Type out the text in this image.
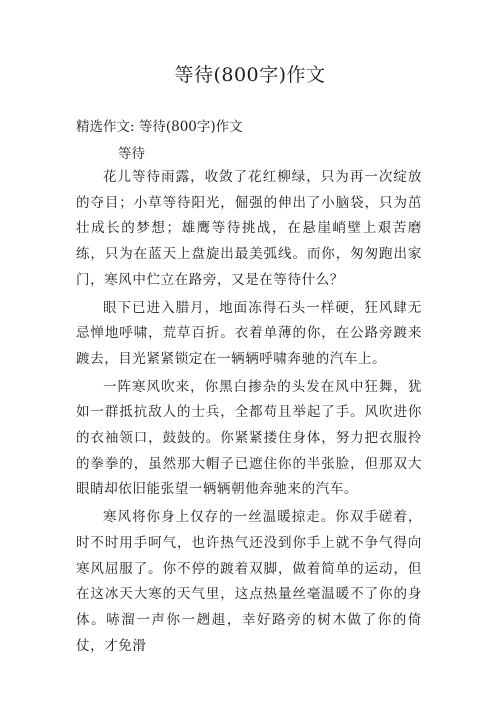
等待(800字)作文
精选作文: 等待(800字)作文
等待

花儿等待雨露，收敛了花红柳绿，只为再一次绽放的夺目；小草等待阳光，倔强的伸出了小脑袋，只为茁壮成长的梦想；雄鹰等待挑战，在悬崖峭壁上艰苦磨练，只为在蓝天上盘旋出最美弧线。而你，匆匆跑出家门，寒风中伫立在路旁，又是在等待什么？

眼下已进入腊月，地面冻得石头一样硬，狂风肆无忌惮地呼啸，荒草百折。衣着单薄的你，在公路旁踱来踱去，目光紧紧锁定在一辆辆呼啸奔驰的汽车上。

一阵寒风吹来，你黑白掺杂的头发在风中狂舞，犹如一群抵抗敌人的士兵，全都苟且举起了手。风吹进你的衣袖领口，鼓鼓的。你紧紧搂住身体，努力把衣服拎的拳拳的，虽然那大帽子已遮住你的半张脸，但那双大眼睛却依旧能张望一辆辆朝他奔驰来的汽车。

寒风将你身上仅存的一丝温暖掠走。你双手磋着，时不时用手呵气，也许热气还没到你手上就不争气得向寒风屈服了。你不停的踱着双脚，做着简单的运动，但在这冰天大寒的天气里，这点热量丝毫温暖不了你的身体。哧溜一声你一趔趄，幸好路旁的树木做了你的倚仗，才免滑
